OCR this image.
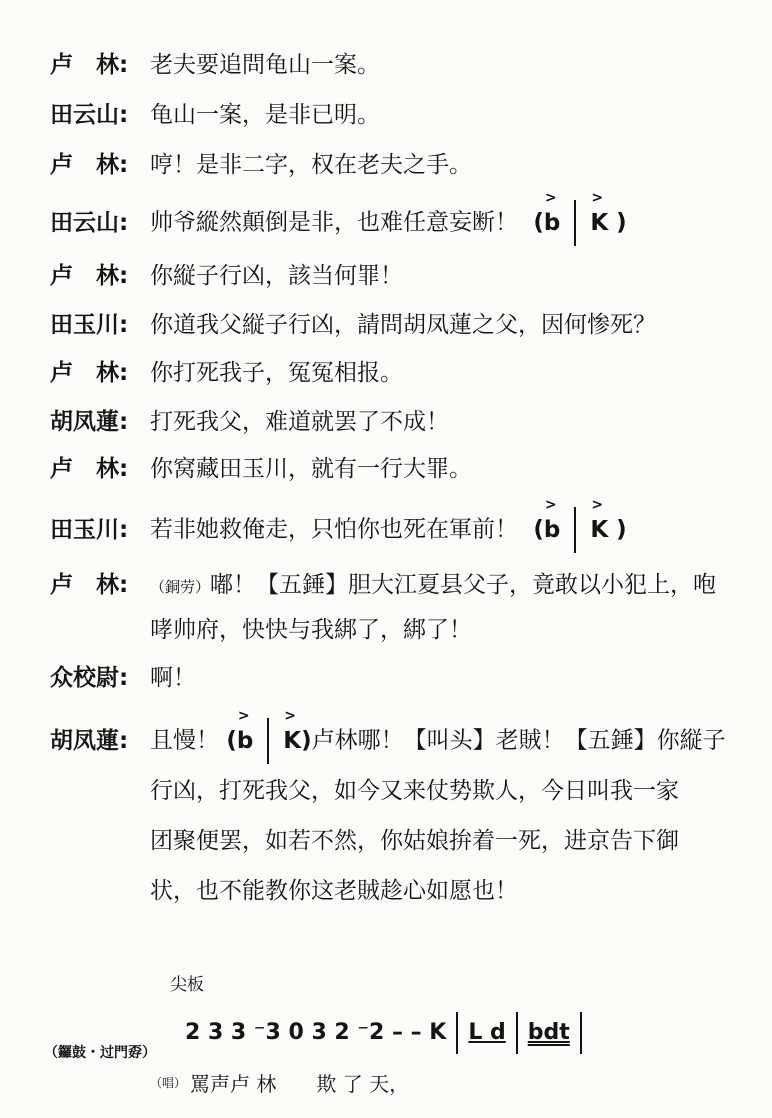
卢　林: 老夫要追問龟山一案。
田云山: 龟山一案，是非已明。
卢　林: 哼！是非二字，权在老夫之手。
田云山: 帅爷縱然顛倒是非，也难任意妄断！  (> b > K )
卢　林: 你縦子行凶，該当何罪！
田玉川: 你道我父縦子行凶，請問胡凤蓮之父，因何惨死？
卢　林: 你打死我子，冤冤相报。
胡凤蓮: 打死我父，难道就罢了不成！
卢　林: 你窝藏田玉川，就有一行大罪。
田玉川: 若非她救俺走，只怕你也死在軍前！  (> b > K )
卢　林: （銅劳）嘟！【五錘】胆大江夏县父子，竟敢以小犯上，咆
哮帅府，快快与我綁了，綁了！
众校尉: 啊！
胡凤蓮: 且慢！ (> b > K)卢林哪！【叫头】老賊！【五錘】你縦子
行凶，打死我父，如今又来仗势欺人，今日叫我一家
团聚便罢，如若不然，你姑娘拚着一死，进京告下御
状，也不能教你这老賊趁心如愿也！
尖板
（鑼鼓・过門孬）
2 3 3 ⁻3 0 3 2 ⁻2 – – K L d bdt
（唱） 罵声卢 林　　欺 了 天，
